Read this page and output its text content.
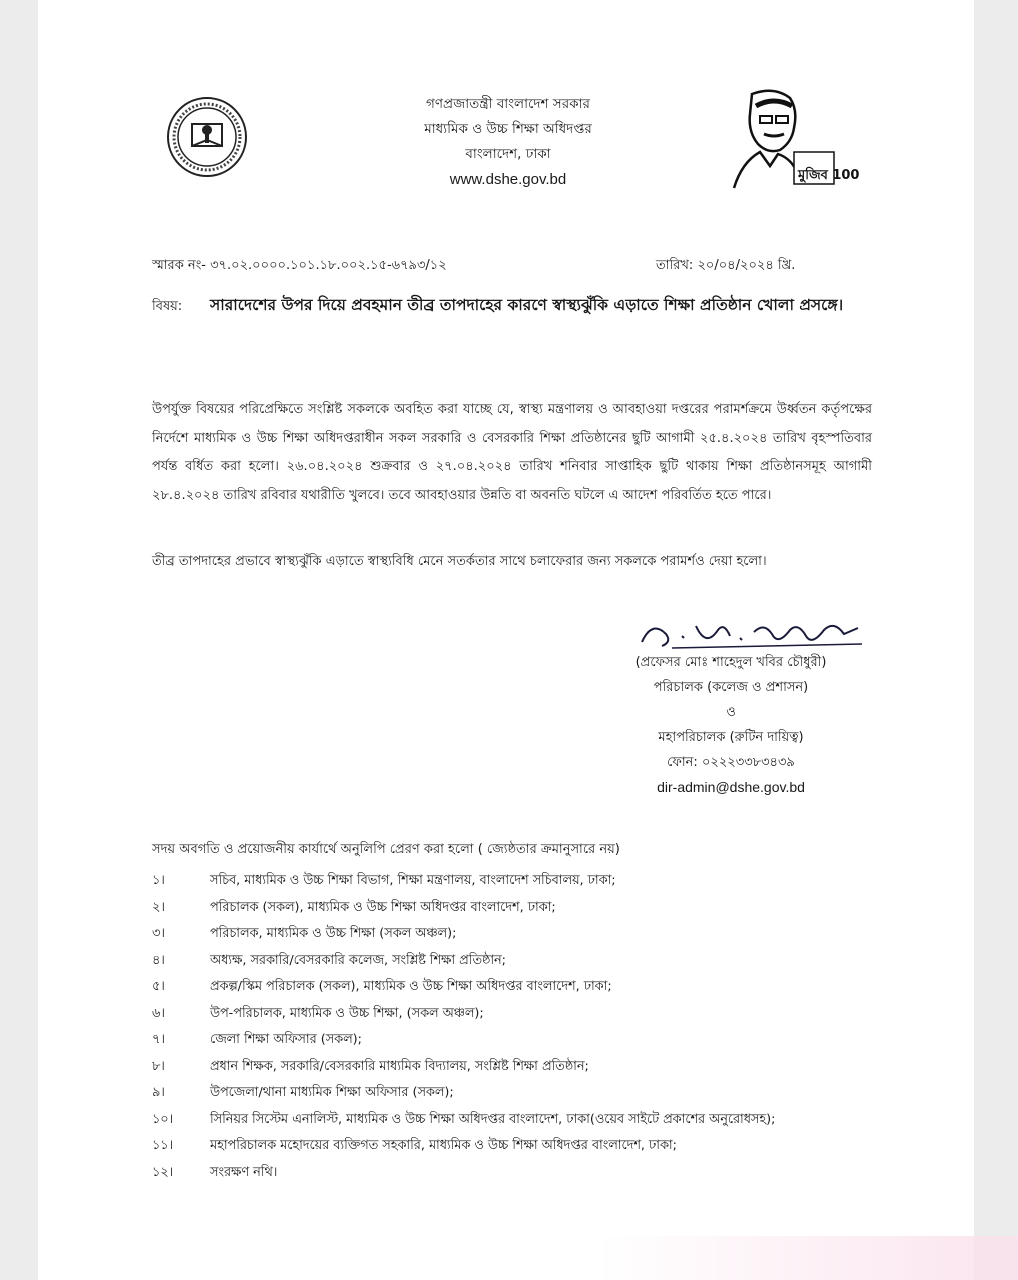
গণপ্রজাতন্ত্রী বাংলাদেশ সরকার
মাধ্যমিক ও উচ্চ শিক্ষা অধিদপ্তর
বাংলাদেশ, ঢাকা
www.dshe.gov.bd	মুজিব 100
স্মারক নং- ৩৭.০২.০০০০.১০১.১৮.০০২.১৫-৬৭৯৩/১২	তারিখ: ২০/০৪/২০২৪ খ্রি.
বিষয়: সারাদেশের উপর দিয়ে প্রবহমান তীব্র তাপদাহের কারণে স্বাস্থ্যঝুঁকি এড়াতে শিক্ষা প্রতিষ্ঠান খোলা প্রসঙ্গে।
উপর্যুক্ত বিষয়ের পরিপ্রেক্ষিতে সংশ্লিষ্ট সকলকে অবহিত করা যাচ্ছে যে, স্বাস্থ্য মন্ত্রণালয় ও আবহাওয়া দপ্তরের পরামর্শক্রমে উর্ধ্বতন কর্তৃপক্ষের নির্দেশে মাধ্যমিক ও উচ্চ শিক্ষা অধিদপ্তরাধীন সকল সরকারি ও বেসরকারি শিক্ষা প্রতিষ্ঠানের ছুটি আগামী ২৫.৪.২০২৪ তারিখ বৃহস্পতিবার পর্যন্ত বর্ধিত করা হলো। ২৬.০৪.২০২৪ শুক্রবার ও ২৭.০৪.২০২৪ তারিখ শনিবার সাপ্তাহিক ছুটি থাকায় শিক্ষা প্রতিষ্ঠানসমূহ আগামী ২৮.৪.২০২৪ তারিখ রবিবার যথারীতি খুলবে। তবে আবহাওয়ার উন্নতি বা অবনতি ঘটলে এ আদেশ পরিবর্তিত হতে পারে।
তীব্র তাপদাহের প্রভাবে স্বাস্থ্যঝুঁকি এড়াতে স্বাস্থ্যবিধি মেনে সতর্কতার সাথে চলাফেরার জন্য সকলকে পরামর্শও দেয়া হলো।
(প্রফেসর মোঃ শাহেদুল খবির চৌধুরী)
পরিচালক (কলেজ ও প্রশাসন)
ও
মহাপরিচালক (রুটিন দায়িত্ব)
ফোন: ০২২২৩৩৮৩৪৩৯
dir-admin@dshe.gov.bd
সদয় অবগতি ও প্রয়োজনীয় কার্যার্থে অনুলিপি প্রেরণ করা হলো ( জ্যেষ্ঠতার ক্রমানুসারে নয়)
১।	সচিব, মাধ্যমিক ও উচ্চ শিক্ষা বিভাগ, শিক্ষা মন্ত্রণালয়, বাংলাদেশ সচিবালয়, ঢাকা;
২।	পরিচালক (সকল), মাধ্যমিক ও উচ্চ শিক্ষা অধিদপ্তর বাংলাদেশ, ঢাকা;
৩।	পরিচালক, মাধ্যমিক ও উচ্চ শিক্ষা (সকল অঞ্চল);
৪।	অধ্যক্ষ, সরকারি/বেসরকারি কলেজ, সংশ্লিষ্ট শিক্ষা প্রতিষ্ঠান;
৫।	প্রকল্প/স্কিম পরিচালক (সকল), মাধ্যমিক ও উচ্চ শিক্ষা অধিদপ্তর বাংলাদেশ, ঢাকা;
৬।	উপ-পরিচালক, মাধ্যমিক ও উচ্চ শিক্ষা, (সকল অঞ্চল);
৭।	জেলা শিক্ষা অফিসার (সকল);
৮।	প্রধান শিক্ষক, সরকারি/বেসরকারি মাধ্যমিক বিদ্যালয়, সংশ্লিষ্ট শিক্ষা প্রতিষ্ঠান;
৯।	উপজেলা/থানা মাধ্যমিক শিক্ষা অফিসার (সকল);
১০।	সিনিয়র সিস্টেম এনালিস্ট, মাধ্যমিক ও উচ্চ শিক্ষা অধিদপ্তর বাংলাদেশ, ঢাকা(ওয়েব সাইটে প্রকাশের অনুরোধসহ);
১১।	মহাপরিচালক মহোদয়ের ব্যক্তিগত সহকারি, মাধ্যমিক ও উচ্চ শিক্ষা অধিদপ্তর বাংলাদেশ, ঢাকা;
১২।	সংরক্ষণ নথি।
